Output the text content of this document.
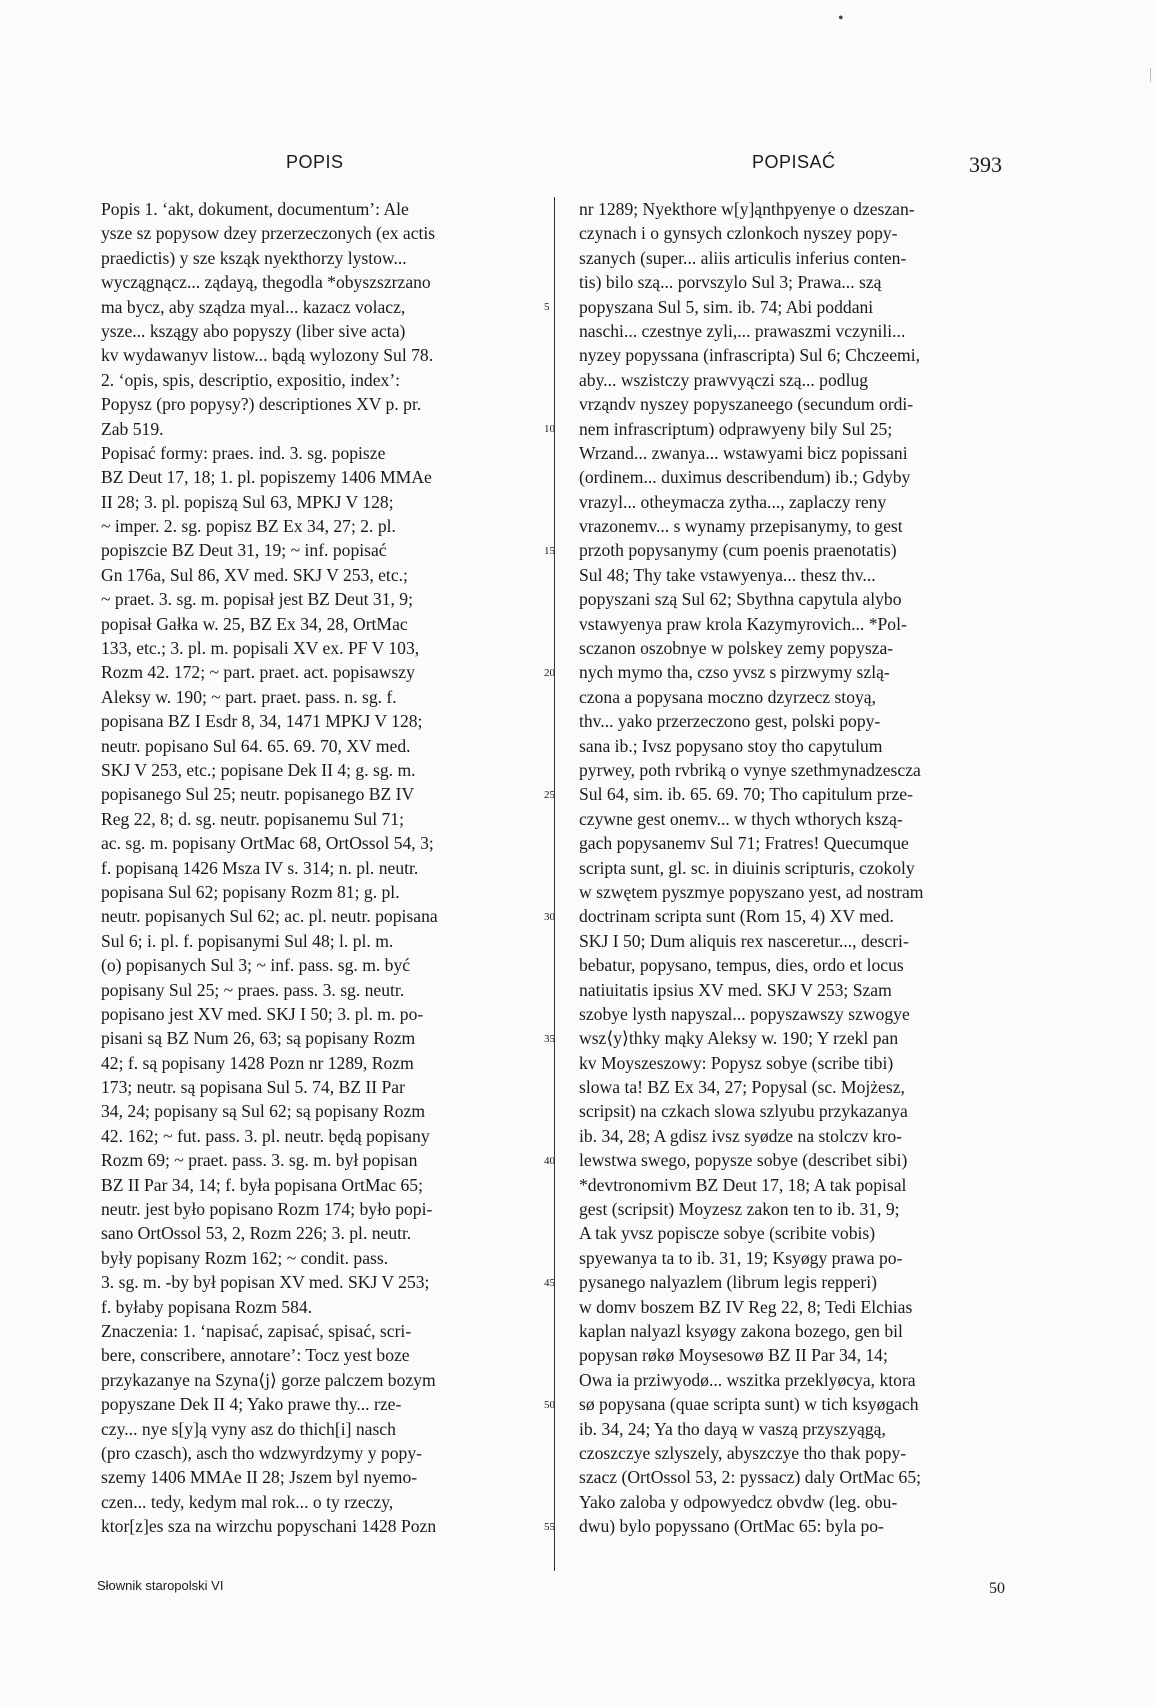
•
POPIS	POPISAĆ	393
Popis 1. ʻakt, dokument, documentumʼ: Ale
ysze sz popysow dzey przerzeczonych (ex actis
praedictis) y sze ksząk nyekthorzy lystow...
wyczągnącz... ządayą, thegodla *obyszszrzano
ma bycz, aby sządza myal... kazacz volacz,
ysze... kszągy abo popyszy (liber sive acta)
kv wydawanyv listow... bądą wylozony Sul 78.
2. ʻopis, spis, descriptio, expositio, indexʼ:
Popysz (pro popysy?) descriptiones XV p. pr.
Zab 519.
Popisać formy: praes. ind. 3. sg. popisze
BZ Deut 17, 18; 1. pl. popiszemy 1406 MMAe
II 28; 3. pl. popiszą Sul 63, MPKJ V 128;
~ imper. 2. sg. popisz BZ Ex 34, 27; 2. pl.
popiszcie BZ Deut 31, 19; ~ inf. popisać
Gn 176a, Sul 86, XV med. SKJ V 253, etc.;
~ praet. 3. sg. m. popisał jest BZ Deut 31, 9;
popisał Gałka w. 25, BZ Ex 34, 28, OrtMac
133, etc.; 3. pl. m. popisali XV ex. PF V 103,
Rozm 42. 172; ~ part. praet. act. popisawszy
Aleksy w. 190; ~ part. praet. pass. n. sg. f.
popisana BZ I Esdr 8, 34, 1471 MPKJ V 128;
neutr. popisano Sul 64. 65. 69. 70, XV med.
SKJ V 253, etc.; popisane Dek II 4; g. sg. m.
popisanego Sul 25; neutr. popisanego BZ IV
Reg 22, 8; d. sg. neutr. popisanemu Sul 71;
ac. sg. m. popisany OrtMac 68, OrtOssol 54, 3;
f. popisaną 1426 Msza IV s. 314; n. pl. neutr.
popisana Sul 62; popisany Rozm 81; g. pl.
neutr. popisanych Sul 62; ac. pl. neutr. popisana
Sul 6; i. pl. f. popisanymi Sul 48; l. pl. m.
(o) popisanych Sul 3; ~ inf. pass. sg. m. być
popisany Sul 25; ~ praes. pass. 3. sg. neutr.
popisano jest XV med. SKJ I 50; 3. pl. m. po-
pisani są BZ Num 26, 63; są popisany Rozm
42; f. są popisany 1428 Pozn nr 1289, Rozm
173; neutr. są popisana Sul 5. 74, BZ II Par
34, 24; popisany są Sul 62; są popisany Rozm
42. 162; ~ fut. pass. 3. pl. neutr. będą popisany
Rozm 69; ~ praet. pass. 3. sg. m. był popisan
BZ II Par 34, 14; f. była popisana OrtMac 65;
neutr. jest było popisano Rozm 174; było popi-
sano OrtOssol 53, 2, Rozm 226; 3. pl. neutr.
były popisany Rozm 162; ~ condit. pass.
3. sg. m. -by był popisan XV med. SKJ V 253;
f. byłaby popisana Rozm 584.
Znaczenia: 1. ʻnapisać, zapisać, spisać, scri-
bere, conscribere, annotareʼ: Tocz yest boze
przykazanye na Szyna⟨j⟩ gorze palczem bozym
popyszane Dek II 4; Yako prawe thy... rze-
czy... nye s[y]ą vyny asz do thich[i] nasch
(pro czasch), asch tho wdzwyrdzymy y popy-
szemy 1406 MMAe II 28; Jszem byl nyemo-
czen... tedy, kedym mal rok... o ty rzeczy,
ktor[z]es sza na wirzchu popyschani 1428 Pozn
5
10
15
20
25
30
35
40
45
50
55
nr 1289; Nyekthore w[y]ąnthpyenye o dzeszan-
czynach i o gynsych czlonkoch nyszey popy-
szanych (super... aliis articulis inferius conten-
tis) bilo szą... porvszylo Sul 3; Prawa... szą
popyszana Sul 5, sim. ib. 74; Abi poddani
naschi... czestnye zyli,... prawaszmi vczynili...
nyzey popyssana (infrascripta) Sul 6; Chczeemi,
aby... wszistczy prawvyączi szą... podlug
vrząndv nyszey popyszaneego (secundum ordi-
nem infrascriptum) odprawyeny bily Sul 25;
Wrzand... zwanya... wstawyami bicz popissani
(ordinem... duximus describendum) ib.; Gdyby
vrazyl... otheymacza zytha..., zaplaczy reny
vrazonemv... s wynamy przepisanymy, to gest
przoth popysanymy (cum poenis praenotatis)
Sul 48; Thy take vstawyenya... thesz thv...
popyszani szą Sul 62; Sbythna capytula alybo
vstawyenya praw krola Kazymyrovich... *Pol-
sczanon oszobnye w polskey zemy popysza-
nych mymo tha, czso yvsz s pirzwymy szlą-
czona a popysana moczno dzyrzecz stoyą,
thv... yako przerzeczono gest, polski popy-
sana ib.; Ivsz popysano stoy tho capytulum
pyrwey, poth rvbriką o vynye szethmynadzescza
Sul 64, sim. ib. 65. 69. 70; Tho capitulum prze-
czywne gest onemv... w thych wthorych kszą-
gach popysanemv Sul 71; Fratres! Quecumque
scripta sunt, gl. sc. in diuinis scripturis, czokoly
w szwętem pyszmye popyszano yest, ad nostram
doctrinam scripta sunt (Rom 15, 4) XV med.
SKJ I 50; Dum aliquis rex nasceretur..., descri-
bebatur, popysano, tempus, dies, ordo et locus
natiuitatis ipsius XV med. SKJ V 253; Szam
szobye lysth napyszal... popyszawszy szwogye
wsz⟨y⟩thky mąky Aleksy w. 190; Y rzekl pan
kv Moyszeszowy: Popysz sobye (scribe tibi)
slowa ta! BZ Ex 34, 27; Popysal (sc. Mojżesz,
scripsit) na czkach slowa szlyubu przykazanya
ib. 34, 28; A gdisz ivsz syødze na stolczv kro-
lewstwa swego, popysze sobye (describet sibi)
*devtronomivm BZ Deut 17, 18; A tak popisal
gest (scripsit) Moyzesz zakon ten to ib. 31, 9;
A tak yvsz popiscze sobye (scribite vobis)
spyewanya ta to ib. 31, 19; Ksyøgy prawa po-
pysanego nalyazlem (librum legis repperi)
w domv boszem BZ IV Reg 22, 8; Tedi Elchias
kaplan nalyazl ksyøgy zakona bozego, gen bil
popysan røkø Moysesowø BZ II Par 34, 14;
Owa ia prziwyodø... wszitka przeklyøcya, ktora
sø popysana (quae scripta sunt) w tich ksyøgach
ib. 34, 24; Ya tho dayą w vaszą przyszyągą,
czoszczye szlyszely, abyszczye tho thak popy-
szacz (OrtOssol 53, 2: pyssacz) daly OrtMac 65;
Yako zaloba y odpowyedcz obvdw (leg. obu-
dwu) bylo popyssano (OrtMac 65: byla po-
Słownik staropolski VI	50
